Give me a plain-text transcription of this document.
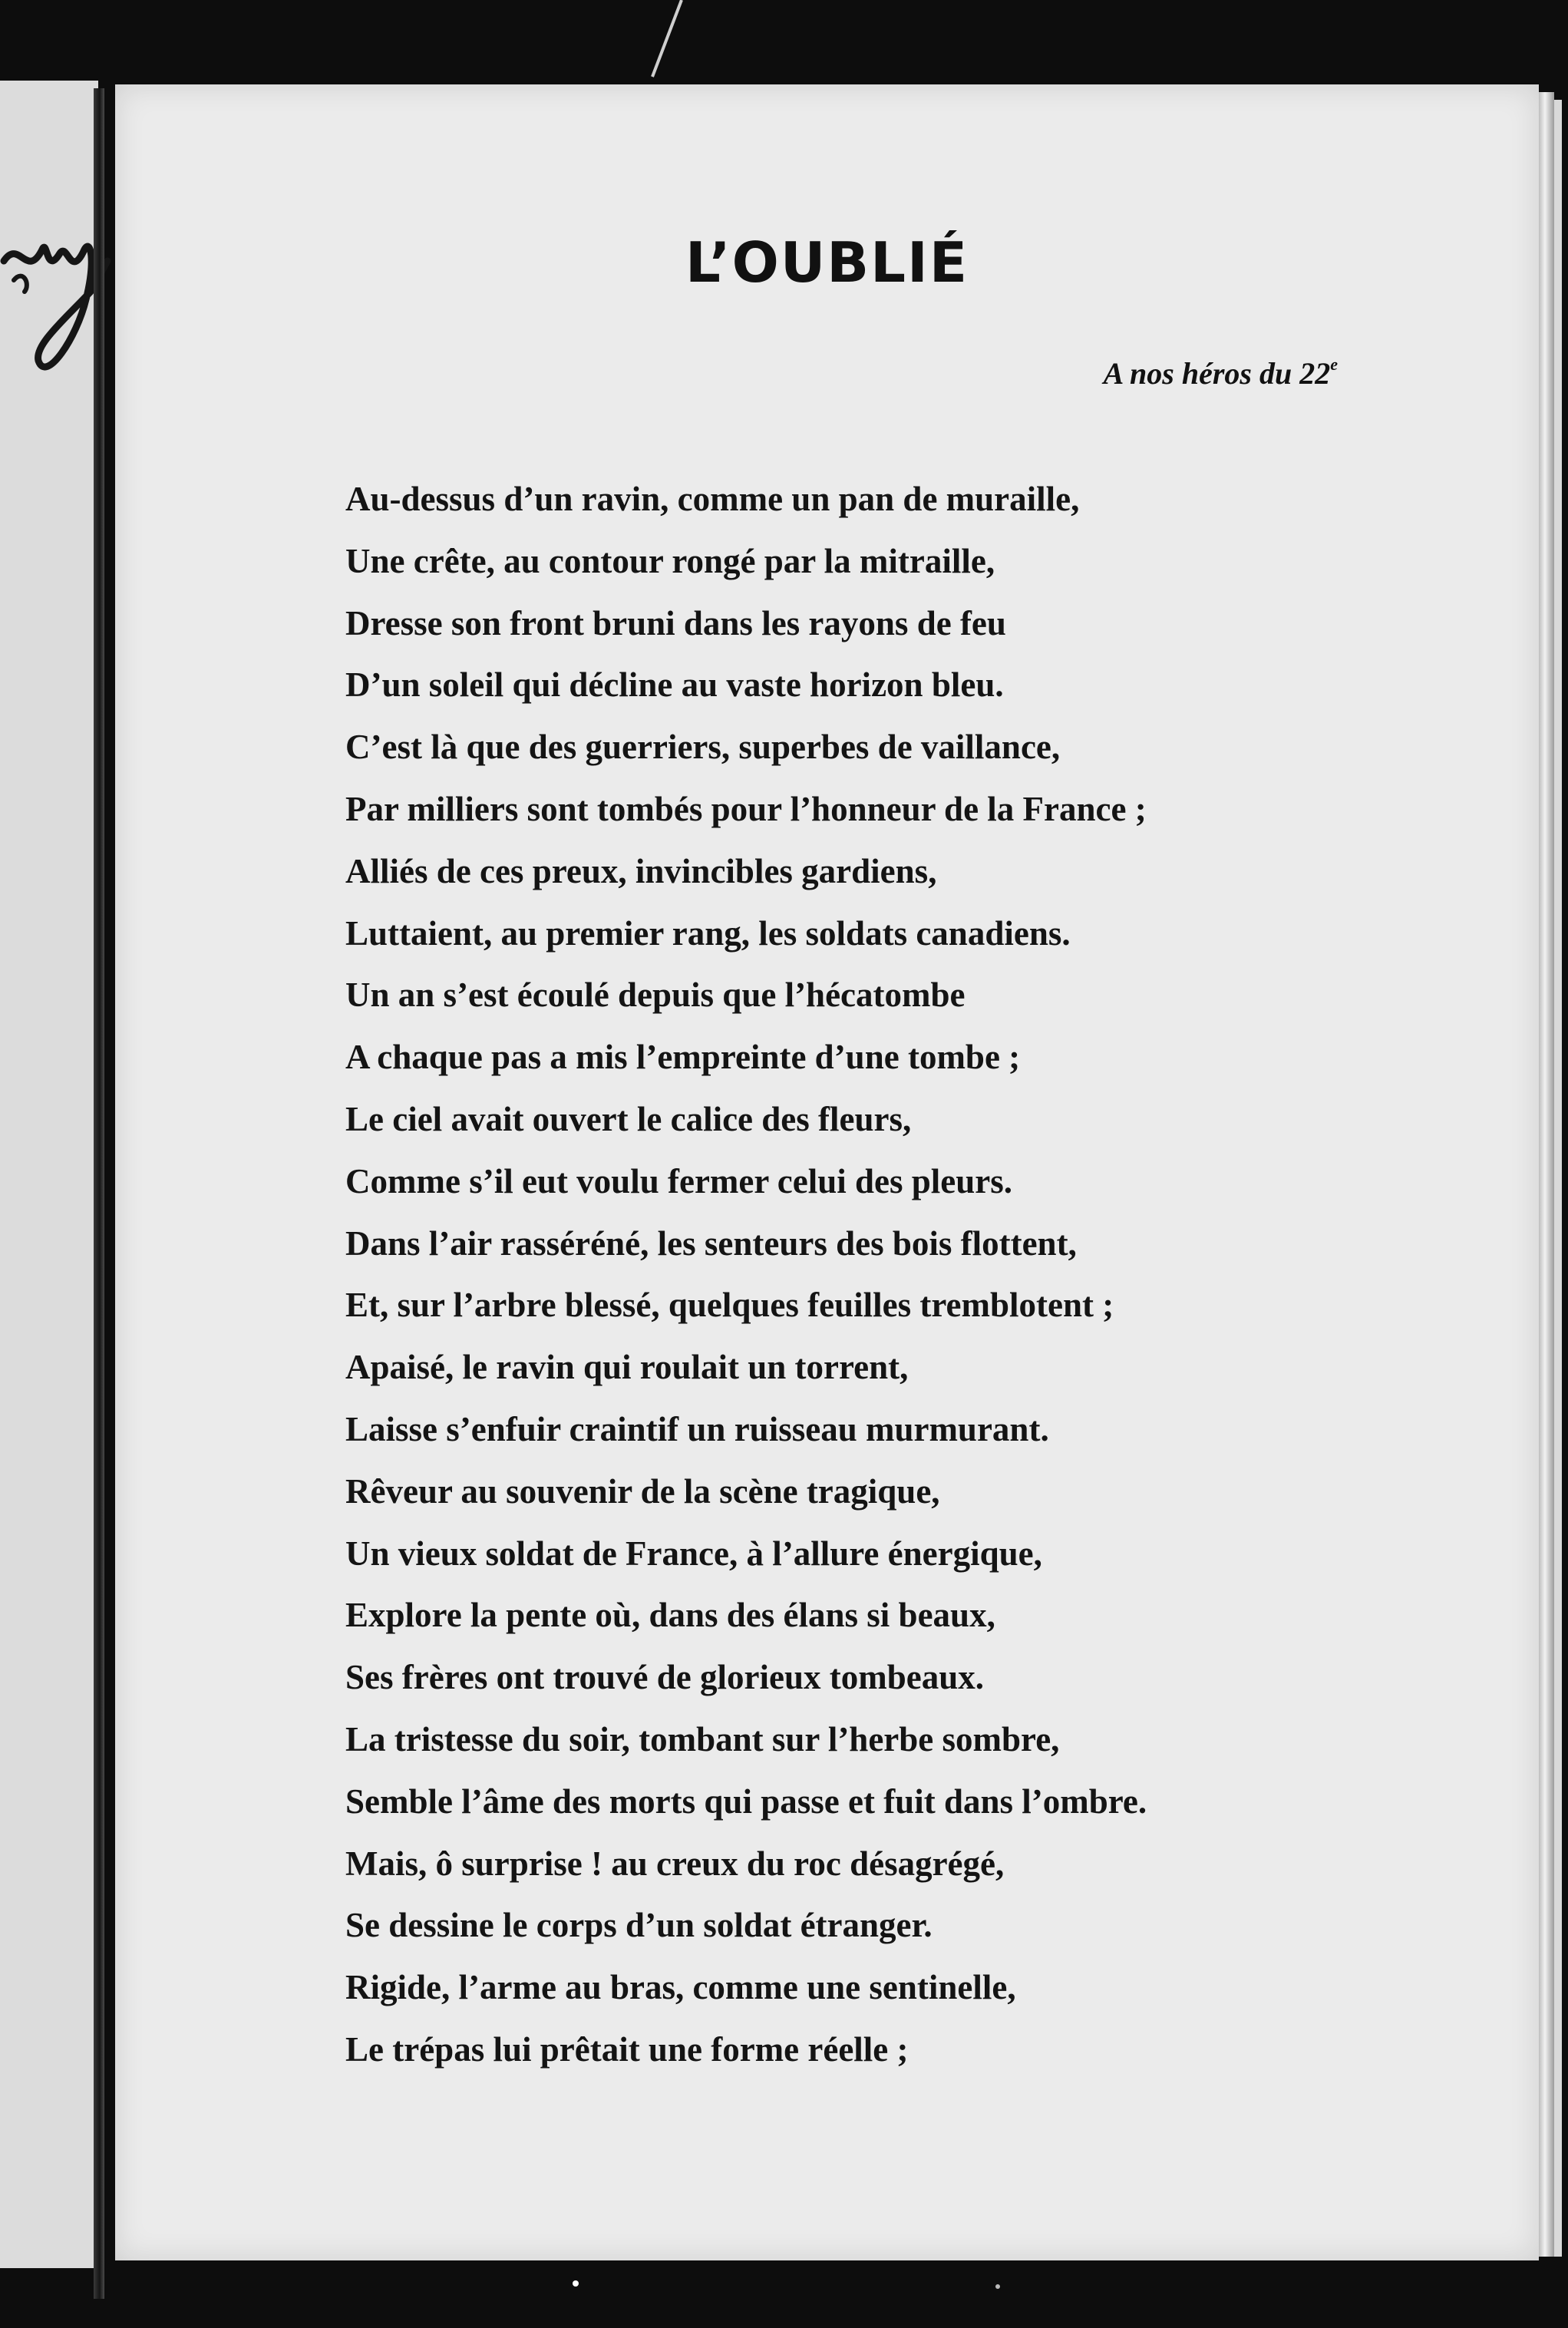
L’OUBLIÉ

A nos héros du 22e

Au-dessus d’un ravin, comme un pan de muraille,
Une crête, au contour rongé par la mitraille,
Dresse son front bruni dans les rayons de feu
D’un soleil qui décline au vaste horizon bleu.
C’est là que des guerriers, superbes de vaillance,
Par milliers sont tombés pour l’honneur de la France ;
Alliés de ces preux, invincibles gardiens,
Luttaient, au premier rang, les soldats canadiens.
Un an s’est écoulé depuis que l’hécatombe
A chaque pas a mis l’empreinte d’une tombe ;
Le ciel avait ouvert le calice des fleurs,
Comme s’il eut voulu fermer celui des pleurs.
Dans l’air rasséréné, les senteurs des bois flottent,
Et, sur l’arbre blessé, quelques feuilles tremblotent ;
Apaisé, le ravin qui roulait un torrent,
Laisse s’enfuir craintif un ruisseau murmurant.
Rêveur au souvenir de la scène tragique,
Un vieux soldat de France, à l’allure énergique,
Explore la pente où, dans des élans si beaux,
Ses frères ont trouvé de glorieux tombeaux.
La tristesse du soir, tombant sur l’herbe sombre,
Semble l’âme des morts qui passe et fuit dans l’ombre.
Mais, ô surprise ! au creux du roc désagrégé,
Se dessine le corps d’un soldat étranger.
Rigide, l’arme au bras, comme une sentinelle,
Le trépas lui prêtait une forme réelle ;
